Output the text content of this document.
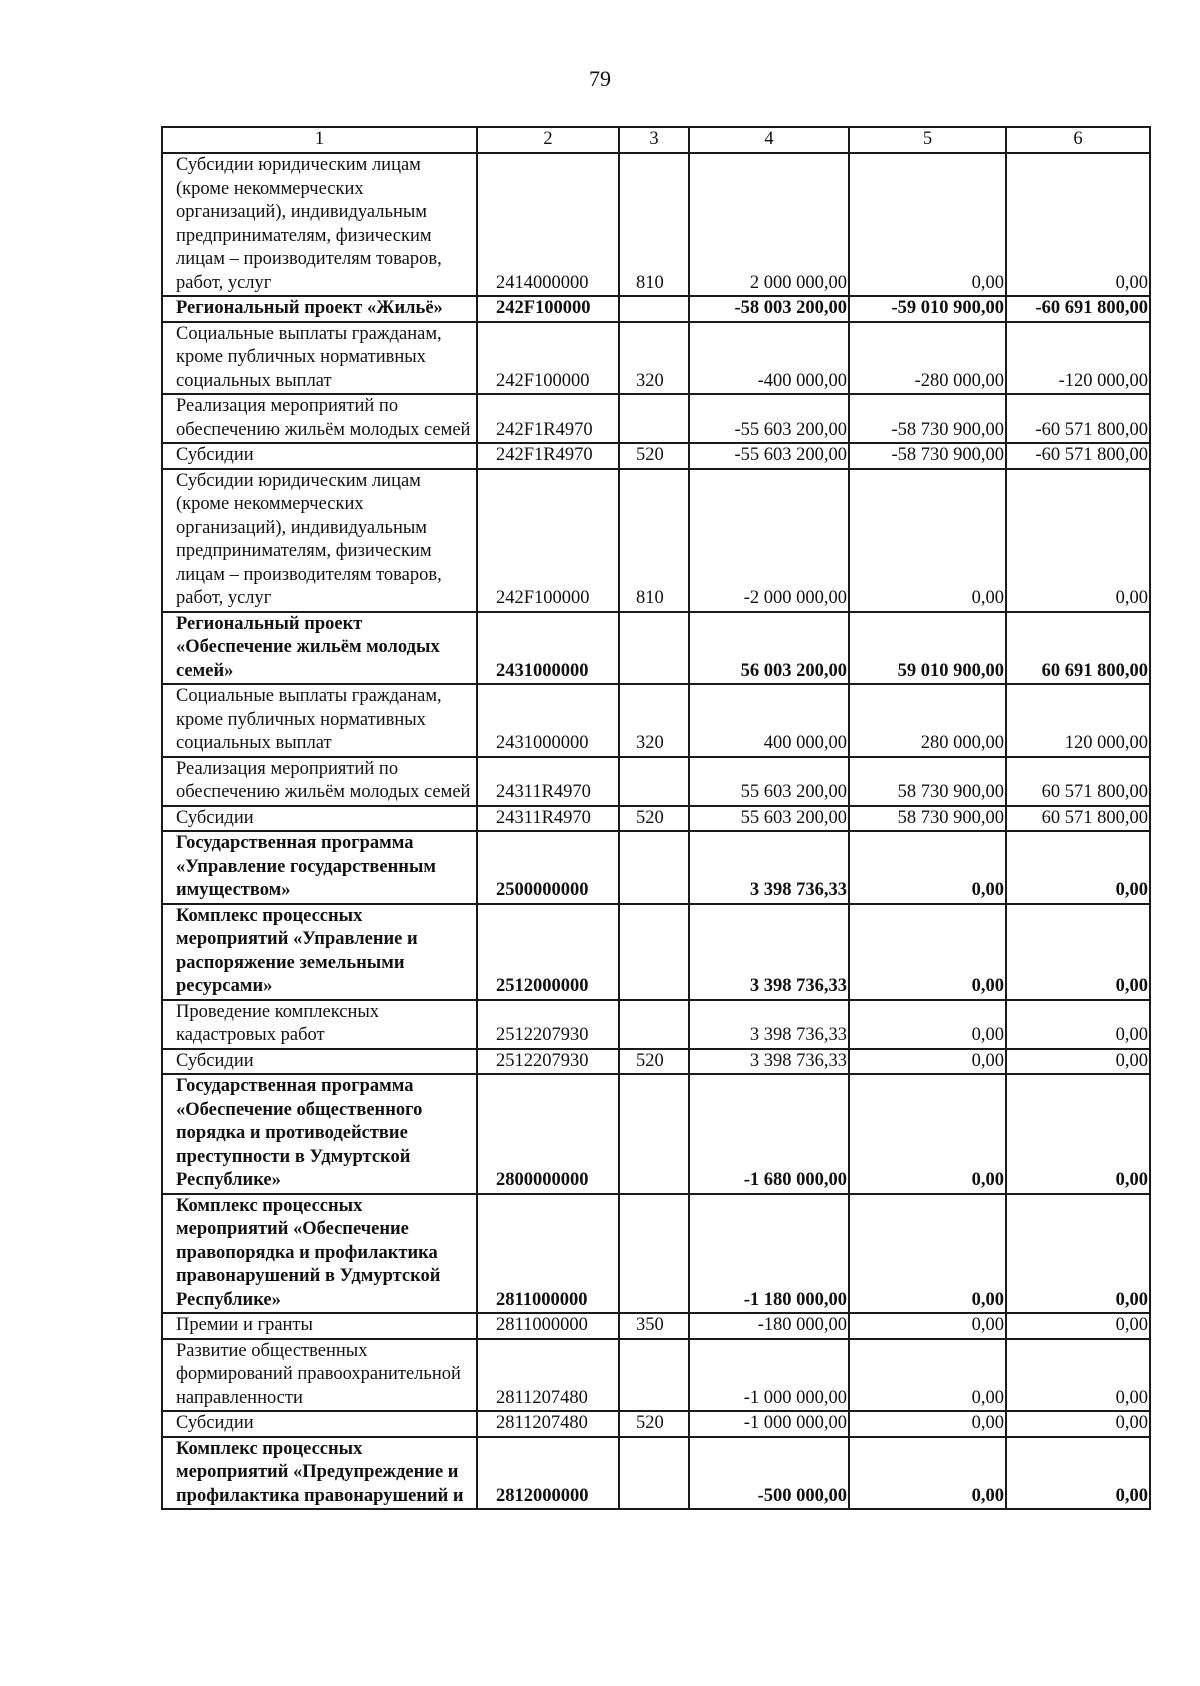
79
1	2	3	4	5	6
Субсидии юридическим лицам (кроме некоммерческих организаций), индивидуальным предпринимателям, физическим лицам – производителям товаров, работ, услуг	2414000000	810	2 000 000,00	0,00	0,00
Региональный проект «Жильё»	242F100000		-58 003 200,00	-59 010 900,00	-60 691 800,00
Социальные выплаты гражданам, кроме публичных нормативных социальных выплат	242F100000	320	-400 000,00	-280 000,00	-120 000,00
Реализация мероприятий по обеспечению жильём молодых семей	242F1R4970		-55 603 200,00	-58 730 900,00	-60 571 800,00
Субсидии	242F1R4970	520	-55 603 200,00	-58 730 900,00	-60 571 800,00
Субсидии юридическим лицам (кроме некоммерческих организаций), индивидуальным предпринимателям, физическим лицам – производителям товаров, работ, услуг	242F100000	810	-2 000 000,00	0,00	0,00
Региональный проект «Обеспечение жильём молодых семей»	2431000000		56 003 200,00	59 010 900,00	60 691 800,00
Социальные выплаты гражданам, кроме публичных нормативных социальных выплат	2431000000	320	400 000,00	280 000,00	120 000,00
Реализация мероприятий по обеспечению жильём молодых семей	24311R4970		55 603 200,00	58 730 900,00	60 571 800,00
Субсидии	24311R4970	520	55 603 200,00	58 730 900,00	60 571 800,00
Государственная программа «Управление государственным имуществом»	2500000000		3 398 736,33	0,00	0,00
Комплекс процессных мероприятий «Управление и распоряжение земельными ресурсами»	2512000000		3 398 736,33	0,00	0,00
Проведение комплексных кадастровых работ	2512207930		3 398 736,33	0,00	0,00
Субсидии	2512207930	520	3 398 736,33	0,00	0,00
Государственная программа «Обеспечение общественного порядка и противодействие преступности в Удмуртской Республике»	2800000000		-1 680 000,00	0,00	0,00
Комплекс процессных мероприятий «Обеспечение правопорядка и профилактика правонарушений в Удмуртской Республике»	2811000000		-1 180 000,00	0,00	0,00
Премии и гранты	2811000000	350	-180 000,00	0,00	0,00
Развитие общественных формирований правоохранительной направленности	2811207480		-1 000 000,00	0,00	0,00
Субсидии	2811207480	520	-1 000 000,00	0,00	0,00
Комплекс процессных мероприятий «Предупреждение и профилактика правонарушений и	2812000000		-500 000,00	0,00	0,00
